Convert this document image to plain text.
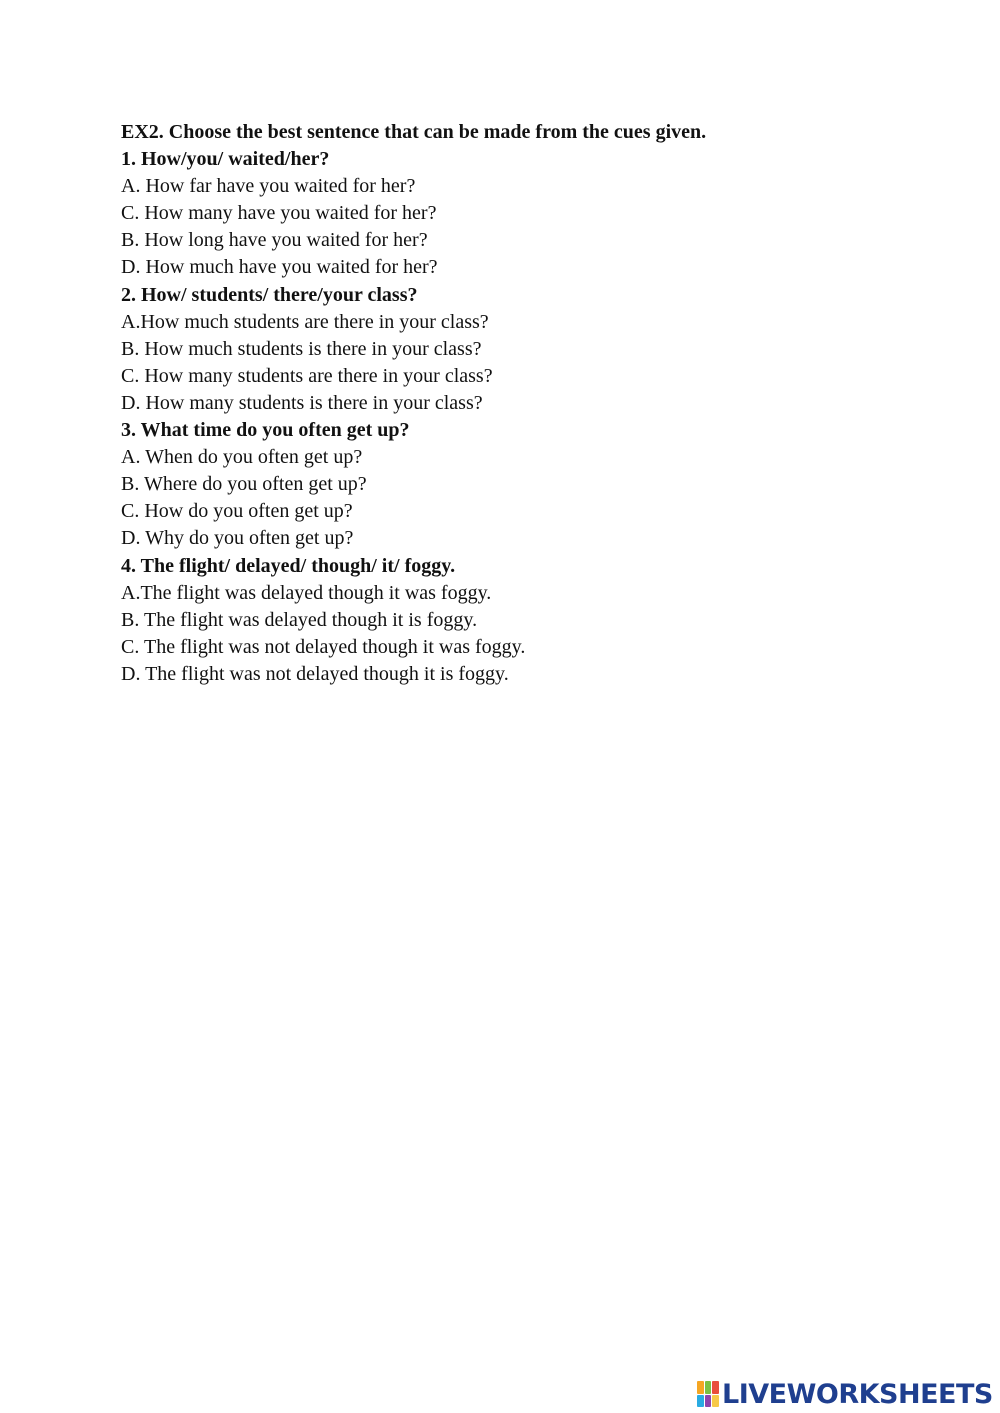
EX2. Choose the best sentence that can be made from the cues given.
1. How/you/ waited/her?
A. How far have you waited for her?
C. How many have you waited for her?
B. How long have you waited for her?
D. How much have you waited for her?
2. How/ students/ there/your class?
A.How much students are there in your class?
B. How much students is there in your class?
C. How many students are there in your class?
D. How many students is there in your class?
3. What time do you often get up?
A. When do you often get up?
B. Where do you often get up?
C. How do you often get up?
D. Why do you often get up?
4. The flight/ delayed/ though/ it/ foggy.
A.The flight was delayed though it was foggy.
B. The flight was delayed though it is foggy.
C. The flight was not delayed though it was foggy.
D. The flight was not delayed though it is foggy.
LIVEWORKSHEETS
